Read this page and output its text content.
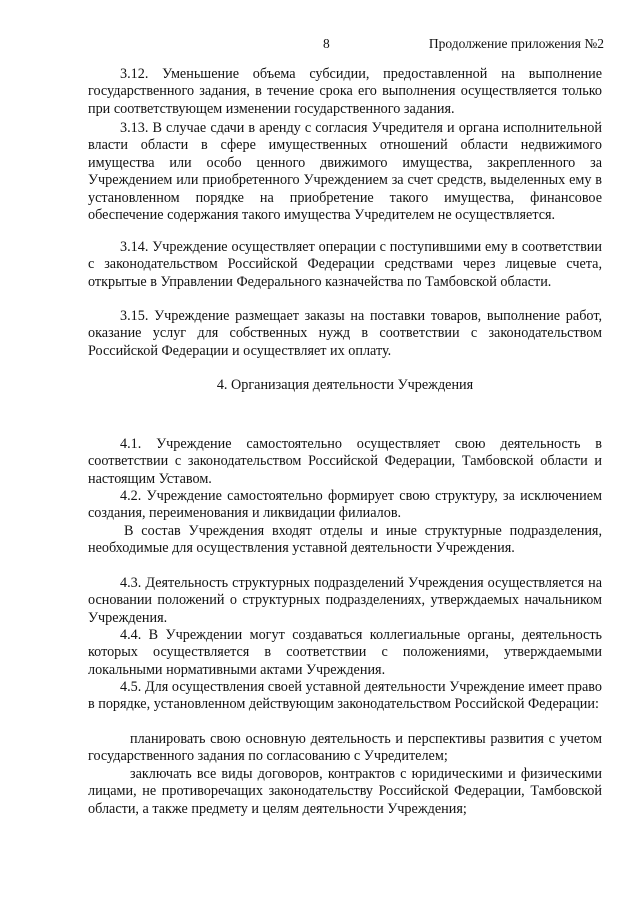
8	Продолжение приложения №2

3.12. Уменьшение объема субсидии, предоставленной на выполнение государственного задания, в течение срока его выполнения осуществляется только при соответствующем изменении государственного задания.

3.13. В случае сдачи в аренду с согласия Учредителя и органа исполнительной власти области в сфере имущественных отношений области недвижимого имущества или особо ценного движимого имущества, закрепленного за Учреждением или приобретенного Учреждением за счет средств, выделенных ему в установленном порядке на приобретение такого имущества, финансовое обеспечение содержания такого имущества Учредителем не осуществляется.

3.14. Учреждение осуществляет операции с поступившими ему в соответствии с законодательством Российской Федерации средствами через лицевые счета, открытые в Управлении Федерального казначейства по Тамбовской области.

3.15. Учреждение размещает заказы на поставки товаров, выполнение работ, оказание услуг для собственных нужд в соответствии с законодательством Российской Федерации и осуществляет их оплату.

4. Организация деятельности Учреждения

4.1. Учреждение самостоятельно осуществляет свою деятельность в соответствии с законодательством Российской Федерации, Тамбовской области и настоящим Уставом.

4.2. Учреждение самостоятельно формирует свою структуру, за исключением создания, переименования и ликвидации филиалов.

В состав Учреждения входят отделы и иные структурные подразделения, необходимые для осуществления уставной деятельности Учреждения.

4.3. Деятельность структурных подразделений Учреждения осуществляется на основании положений о структурных подразделениях, утверждаемых начальником Учреждения.

4.4. В Учреждении могут создаваться коллегиальные органы, деятельность которых осуществляется в соответствии с положениями, утверждаемыми локальными нормативными актами Учреждения.

4.5. Для осуществления своей уставной деятельности Учреждение имеет право в порядке, установленном действующим законодательством Российской Федерации:

планировать свою основную деятельность и перспективы развития с учетом государственного задания по согласованию с Учредителем;

заключать все виды договоров, контрактов с юридическими и физическими лицами, не противоречащих законодательству Российской Федерации, Тамбовской области, а также предмету и целям деятельности Учреждения;
